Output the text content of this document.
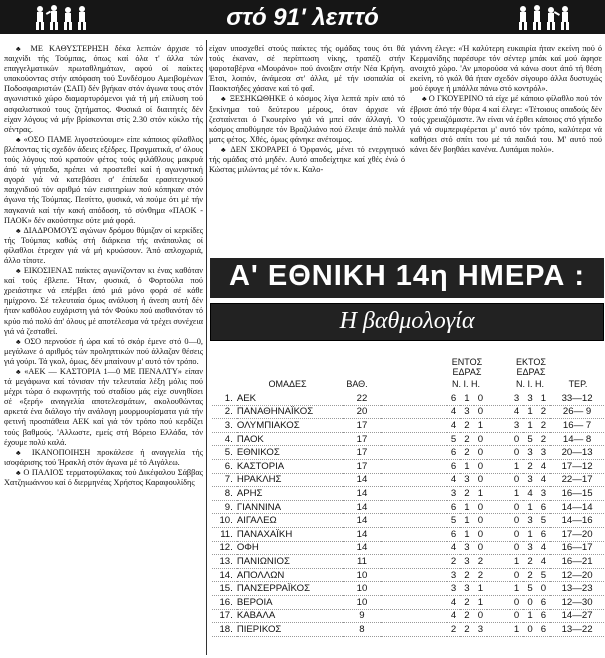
στό 91' λεπτό

♣ ΜΕ ΚΑΘΥΣΤΕΡΗΣΗ δέκα λεπτών άρχισε τό παιχνίδι τής Τούμπας, όπως καί όλα τ' άλλα τών επαγγελματικών πρωταθλημάτων, αφού οί παίκτες υπακούοντας στήν απόφαση τού Συνδέσμου Αμειβομένων Ποδοσφαιριστών (ΣΑΠ) δέν βγήκαν στόν άγωνα τους στόν αγωνιστικό χώρο διαμαρτυρόμενοι γιά τή μή επίλυση τού ασφαλιστικού τους ζητήματος. Φυσικά οί διαιτητές δέν είχαν λόγους νά μήν βρίσκονται στίς 2.30 στόν κύκλο τής σέντρας.

♣ «ΟΣΟ ΠΑΜΕ λιγοστεύουμε» είπε κάποιος φίλαθλος βλέποντας τίς σχεδόν άδειες εξέδρες. Πραγματικά, σ' όλους τούς λόγους πού κρατούν φέτος τούς φιλάθλους μακρυά άπό τά γήπεδα, πρέπει νά προστεθεί καί ή αγωνιστική αγορά γιά νά κατεβάσει σ' έπίπεδα ερασιτεχνικού παιχνιδιού τόν αριθμό τών εισιτηρίων πού κόπηκαν στόν άγωνα τής Τούμπας. Πεσίττο, φυσικά, νά πούμε ότι μέ τήν παγκανιά καί τήν κακή απόδοση, τό σύνθημα «ΠΑΟΚ - ΠΑΟΚ» δέν ακούστηκε ούτε μιά φορά.

♣ ΔΙΑΔΡΟΜΟΥΣ αγώνων δρόμου θύμιζαν οί κερκίδες τής Τούμπας καθώς στή διάρκεια τής ανάπαυλας οί φίλαθλοι έτρεχαν γιά νά μή κρυώσουν. Άπό απλοχωριά, άλλο τίποτε.

♣ ΕΙΚΟΣΙΕΝΑΣ παίκτες αγωνίζονταν κι ένας καθόταν καί τούς έβλεπε. Ήταν, φυσικά, ό Φορτούλα πού χρειάστηκε νά επέμβει άπό μιά μόνο φορά σέ κάθε ημίχρονο. Σέ τελευταία όμως ανάλυση ή άνεση αυτή δέν ήταν καθόλου ευχάριστη γιά τόν Φούκυ πού αισθανόταν τό κρύο πιό πολύ άπ' όλους μέ αποτέλεσμα νά τρέχει συνέχεια γιά νά ζεσταθεί.

♣ ΟΣΟ περνούσε ή ώρα καί τό σκόρ έμενε στό 0—0, μεγάλωνε ό αριθμός τών προληπτικών πού άλλαζαν θέσεις γιά γούρι. Τά γκολ, όμως, δέν μπαίνουν μ' αυτό τόν τρόπο.

♣ «ΑΕΚ — ΚΑΣΤΟΡΙΑ 1—0 ΜΕ ΠΕΝΑΛΤΥ» είπαν τά μεγάφωνα καί τόνισαν τήν τελευταία λέξη μόλις πού μέχρι τώρα ό εκφωνητής τού σταδίου μάς είχε συνηθίσει σέ «ξερή» αναγγελία αποτελεσμάτων, ακολουθώντας αρκετά ένα διάλογο τήν ανάλογη μουρμουρίσματα γιά τήν φετινή προσπάθεια ΑΕΚ καί γιά τόν τρόπο πού κερδίζει τούς βαθμούς. 'Αλλωστε, εμείς στή Βόρειο Ελλάδα, τόν έχουμε πολύ καλά.

♣ ΙΚΑΝΟΠΟΙΗΣΗ προκάλεσε ή αναγγελία τής ισοφάρισης τού Ήρακλή στόν άγωνα μέ τό Αιγάλεω.

♣ Ο ΠΑΛΙΟΣ τερματοφύλακας τού Δικέφαλου Σάββας Χατζηιωάννου καί ό διερμηνέας Χρήστος Καραφουλίδης

είχαν υποσχεθεί στούς παίκτες τής ομάδας τους ότι θά τούς έκαναν, σέ περίπτωση νίκης, τραπέζι στήν ψαροταβέρνα «Μουράνο» πού άνοιξαν στήν Νέα Κρήνη. Έτσι, λοιπόν, άνάμεσα στ' άλλα, μέ τήν ισοπαλία οί Παοκτσήδες χάσανε καί τό φαΐ.

♣ ΞΕΣΗΚΩΘΗΚΕ ό κόσμος λίγα λεπτά πρίν από τό ξεκίνημα τού δεύτερου μέρους, όταν άρχισε νά ζεσταίνεται ό Γκουερίνο γιά νά μπεί σάν άλλαγή. 'Ο κόσμος αποθύμησε τόν Βραζιλιάνο πού έλειψε άπό πολλά ματς φέτος. Χθές, όμως φάνηκε ανέτοιμος.

♣ ΔΕΝ ΣΚΟΡΑΡΕΙ ό Όρφανός, μένει τό ενεργητικό τής ομάδας στό μηδέν. Αυτό αποδείχτηκε καί χθές ένώ ό Κώστας μιλώντας μέ τόν κ. Καλο-

γιάννη έλεγε: «Ή καλύτερη ευκαιρία ήταν εκείνη πού ό Κερμανίδης παρέσυρε τόν σέντερ μπάκ καί μού άφησε ανοιχτό χώρο. 'Αν μπορούσα νά κάνω σουτ άπό τή θέση εκείνη, τό γκόλ θά ήταν σχεδόν σίγουρο άλλα δυστυχώς μού έφυγε ή μπάλλα πάνω στό κοντρόλ».

♣ Ο ΓΚΟΥΕΡΙΝΟ τά είχε μέ κάποιο φίλαθλο πού τόν έβρισε άπό τήν θύρα 4 καί έλεγε: «Τέτοιους οπαδούς δέν τούς χρειαζόμαστε. Άν είναι νά έρθει κάποιος στό γήπεδο γιά νά συμπεριφέρεται μ' αυτό τόν τρόπο, καλύτερα νά καθήσει στό σπίτι του μέ τά παιδιά του. Μ' αυτό πού κάνει δέν βοηθάει κανένα. Λυπάμαι πολύ».

Α' ΕΘΝΙΚΗ 14η ΗΜΕΡΑ :
Η βαθμολογία
ΕΝΤΟΣ ΕΔΡΑΣ
ΕΚΤΟΣ ΕΔΡΑΣ
ΟΜΑΔΕΣ	ΒΑΘ.	Ν. Ι. Η.	Ν. Ι. Η.	ΤΕΡ.
1.	ΑΕΚ	22		6	1	0		3	3	1	33—12
2.	ΠΑΝΑΘΗΝΑΪΚΟΣ	20		4	3	0		4	1	2	26— 9
3.	ΟΛΥΜΠΙΑΚΟΣ	17		4	2	1		3	1	2	16— 7
4.	ΠΑΟΚ	17		5	2	0		0	5	2	14— 8
5.	ΕΘΝΙΚΟΣ	17		6	2	0		0	3	3	20—13
6.	ΚΑΣΤΟΡΙΑ	17		6	1	0		1	2	4	17—12
7.	ΗΡΑΚΛΗΣ	14		4	3	0		0	3	4	22—17
8.	ΑΡΗΣ	14		3	2	1		1	4	3	16—15
9.	ΓΙΑΝΝΙΝΑ	14		6	1	0		0	1	6	14—14
10.	ΑΙΓΑΛΕΩ	14		5	1	0		0	3	5	14—16
11.	ΠΑΝΑΧΑΪΚΗ	14		6	1	0		0	1	6	17—20
12.	ΟΦΗ	14		4	3	0		0	3	4	16—17
13.	ΠΑΝΙΩΝΙΟΣ	11		2	3	2		1	2	4	16—21
14.	ΑΠΟΛΛΩΝ	10		3	2	2		0	2	5	12—20
15.	ΠΑΝΣΕΡΡΑΪΚΟΣ	10		3	3	1		1	5	0	13—23
16.	ΒΕΡΟΙΑ	10		4	2	1		0	0	6	12—30
17.	ΚΑΒΑΛΑ	9		4	2	0		0	1	6	14—27
18.	ΠΙΕΡΙΚΟΣ	8		2	2	3		1	0	6	13—22
